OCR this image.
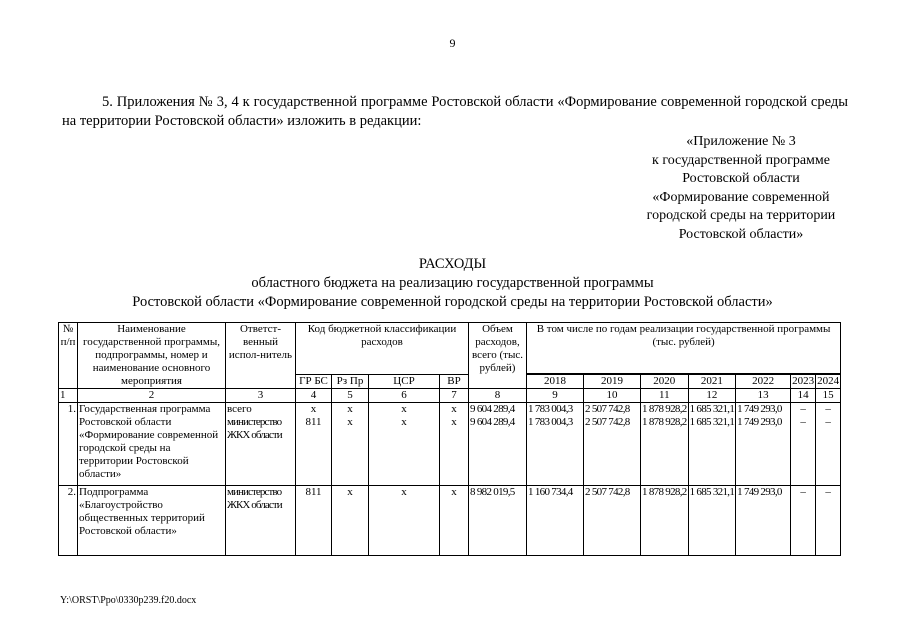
9
5. Приложения № 3, 4 к государственной программе Ростовской области «Формирование современной городской среды на территории Ростовской области» изложить в редакции:
«Приложение № 3
к государственной программе
Ростовской области
«Формирование современной
городской среды на территории
Ростовской области»
РАСХОДЫ
областного бюджета на реализацию государственной программы
Ростовской области «Формирование современной городской среды на территории Ростовской области»
№ п/п	Наименование государственной программы, подпрограммы, номер и наименование основного мероприятия	Ответст-венный испол-нитель	Код бюджетной классификации расходов				Объем расходов, всего (тыс. рублей)	В том числе по годам реализации государственной программы (тыс. рублей)						

			ГР БС	Рз Пр	ЦСР	ВР		2018	2019	2020	2021	2022	2023	2024
1	2	3	4	5	6	7	8	9	10	11	12	13	14	15
1.	Государственная программа Ростовской области «Формирование современной городской среды на территории Ростовской области»	всего	х	х	х	х	9 604 289,4	1 783 004,3	2 507 742,8	1 878 928,2	1 685 321,1	1 749 293,0	–	–
		министерство ЖКХ области	811	х	х	х	9 604 289,4	1 783 004,3	2 507 742,8	1 878 928,2	1 685 321,1	1 749 293,0	–	–
2.	Подпрограмма «Благоустройство общественных территорий Ростовской области»	министерство ЖКХ области	811	х	х	х	8 982 019,5	1 160 734,4	2 507 742,8	1 878 928,2	1 685 321,1	1 749 293,0	–	–
Y:\ORST\Ppo\0330p239.f20.docx
